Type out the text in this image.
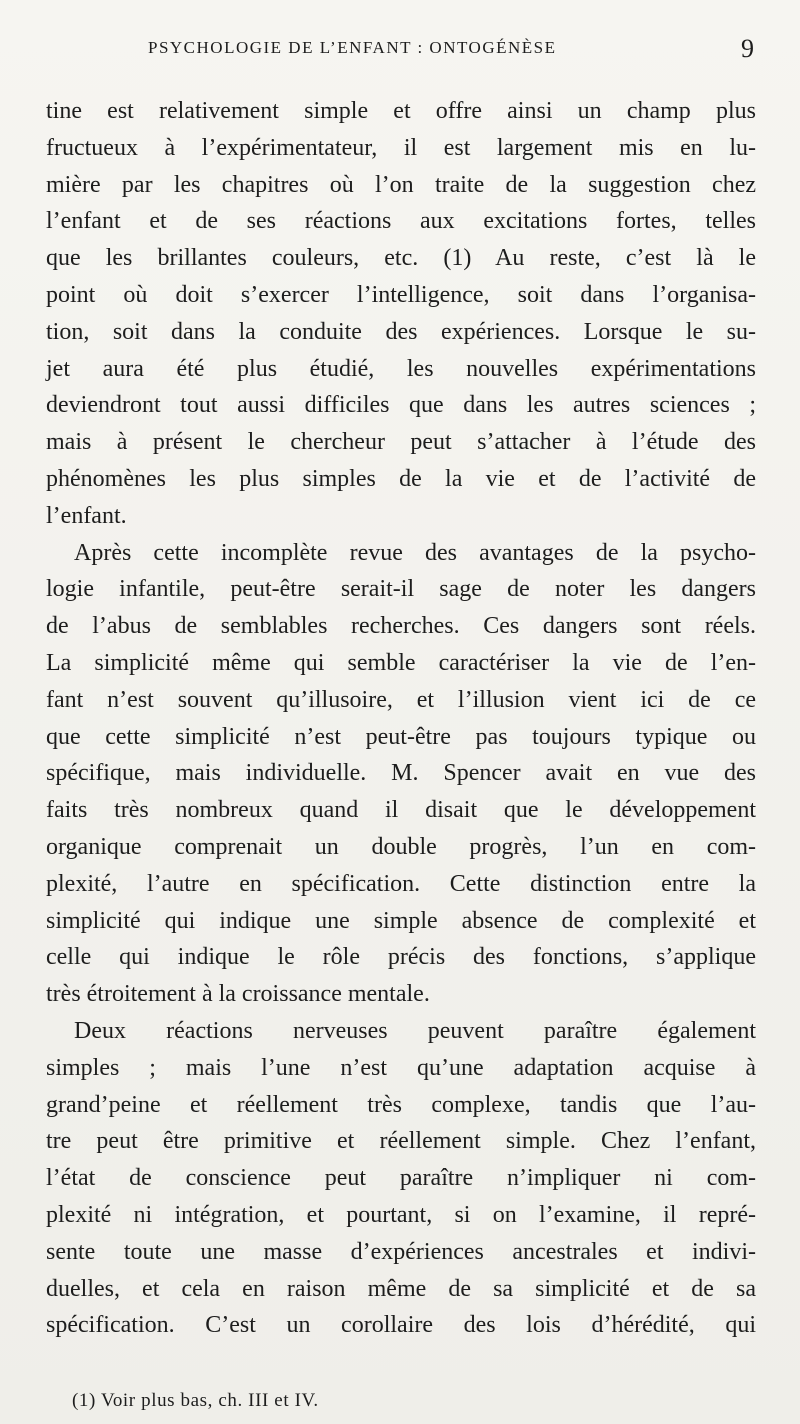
PSYCHOLOGIE DE L’ENFANT : ONTOGÉNÈSE	9
tine est relativement simple et offre ainsi un champ plus
fructueux à l’expérimentateur, il est largement mis en lu-
mière par les chapitres où l’on traite de la suggestion chez
l’enfant et de ses réactions aux excitations fortes, telles
que les brillantes couleurs, etc. (1) Au reste, c’est là le
point où doit s’exercer l’intelligence, soit dans l’organisa-
tion, soit dans la conduite des expériences. Lorsque le su-
jet aura été plus étudié, les nouvelles expérimentations
deviendront tout aussi difficiles que dans les autres sciences ;
mais à présent le chercheur peut s’attacher à l’étude des
phénomènes les plus simples de la vie et de l’activité de
l’enfant.
Après cette incomplète revue des avantages de la psycho-
logie infantile, peut-être serait-il sage de noter les dangers
de l’abus de semblables recherches. Ces dangers sont réels.
La simplicité même qui semble caractériser la vie de l’en-
fant n’est souvent qu’illusoire, et l’illusion vient ici de ce
que cette simplicité n’est peut-être pas toujours typique ou
spécifique, mais individuelle. M. Spencer avait en vue des
faits très nombreux quand il disait que le développement
organique comprenait un double progrès, l’un en com-
plexité, l’autre en spécification. Cette distinction entre la
simplicité qui indique une simple absence de complexité et
celle qui indique le rôle précis des fonctions, s’applique
très étroitement à la croissance mentale.
Deux réactions nerveuses peuvent paraître également
simples ; mais l’une n’est qu’une adaptation acquise à
grand’peine et réellement très complexe, tandis que l’au-
tre peut être primitive et réellement simple. Chez l’enfant,
l’état de conscience peut paraître n’impliquer ni com-
plexité ni intégration, et pourtant, si on l’examine, il repré-
sente toute une masse d’expériences ancestrales et indivi-
duelles, et cela en raison même de sa simplicité et de sa
spécification. C’est un corollaire des lois d’hérédité, qui
(1) Voir plus bas, ch. III et IV.
